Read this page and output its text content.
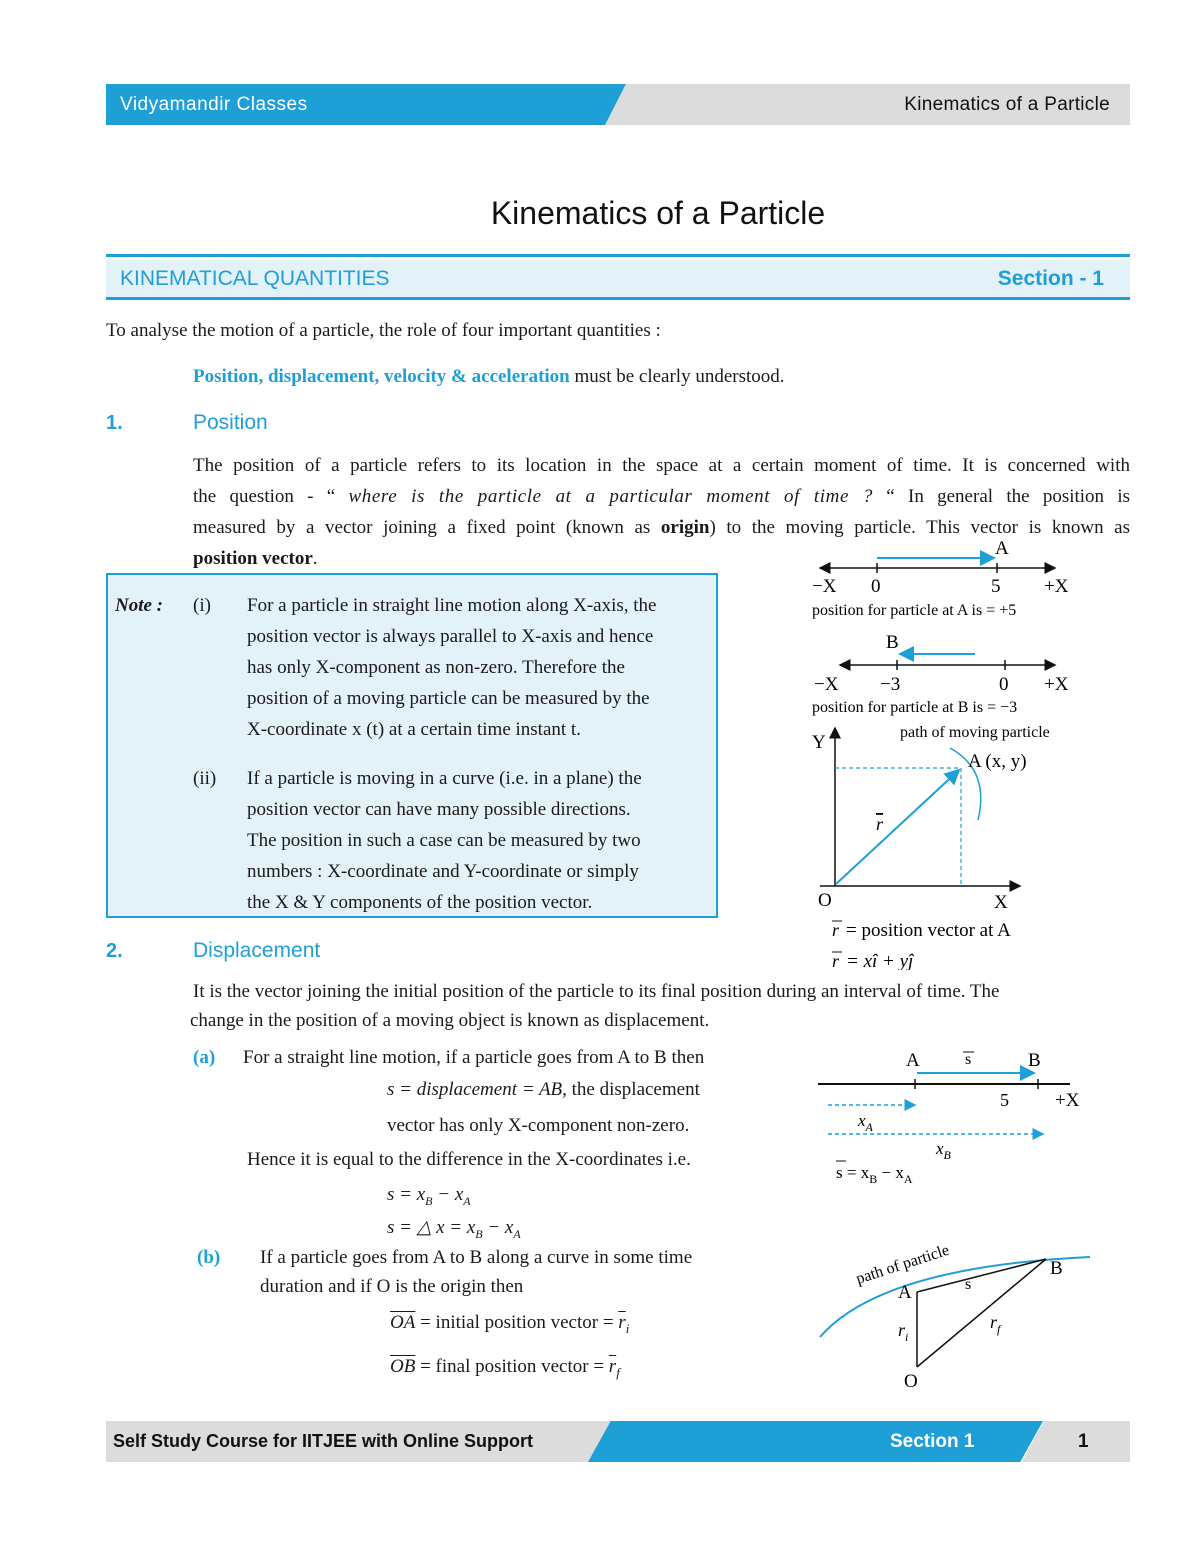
Vidyamandir Classes	Kinematics of a Particle
Kinematics of a Particle
KINEMATICAL QUANTITIES	Section - 1
To analyse the motion of a particle, the role of four important quantities :
Position, displacement, velocity & acceleration must be clearly understood.
1.	Position
The position of a particle refers to its location in the space at a certain moment of time. It is concerned with
the question - “ where is the particle at a particular moment of time ? “ In general the position is
measured by a vector joining a fixed point (known as origin) to the moving particle. This vector is known as
position vector.
Note : (i) For a particle in straight line motion along X-axis, the
position vector is always parallel to X-axis and hence
has only X-component as non-zero. Therefore the
position of a moving particle can be measured by the
X-coordinate x (t) at a certain time instant t.
(ii) If a particle is moving in a curve (i.e. in a plane) the
position vector can have many possible directions.
The position in such a case can be measured by two
numbers : X-coordinate and Y-coordinate or simply
the X & Y components of the position vector.
2.	Displacement
It is the vector joining the initial position of the particle to its final position during an interval of time. The
change in the position of a moving object is known as displacement.
(a) For a straight line motion, if a particle goes from A to B then
s = displacement = AB, the displacement
vector has only X-component non-zero.
Hence it is equal to the difference in the X-coordinates i.e.
$s = x_B - x_A$
s = △ $x = x_B - x_A$
(b) If a particle goes from A to B along a curve in some time
duration and if O is the origin then
$\overline{OA}$ = initial position vector = $\overline{r}_i$
$\overline{OB}$ = final position vector = $\overline{r}_f$
A
−X 0	5 +X
position for particle at A is = +5
B
−X −3	0 +X
position for particle at B is = −3
Y
X
O
path of moving particle
A (x, y)
r
r = position vector at A
r = xî + yĵ
A	s	B
5 +X
$x_A$
$x_B$
$s = x_B - x_A$
path of particle
A
B
O
s
$r_i$
$r_f$
Self Study Course for IITJEE with Online Support	Section 1	1
